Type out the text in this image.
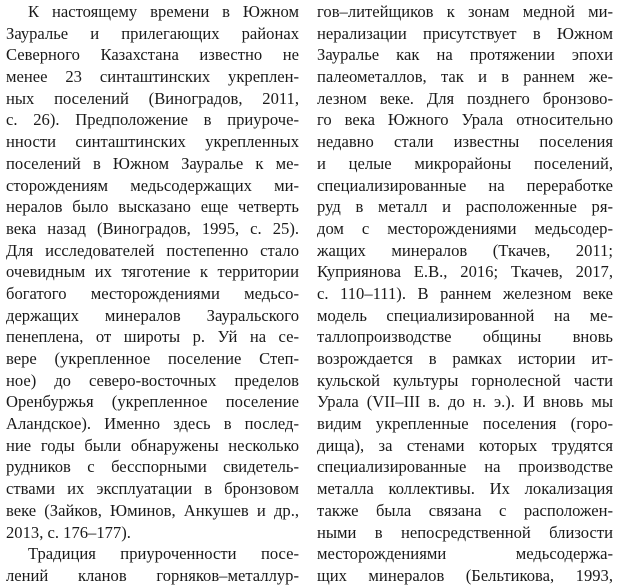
К настоящему времени в Южном
Зауралье и прилегающих районах
Северного Казахстана известно не
менее 23 синташтинских укреплен-
ных поселений (Виноградов, 2011,
с. 26). Предположение в приуроче-
нности синташтинских укрепленных
поселений в Южном Зауралье к ме-
сторождениям медьсодержащих ми-
нералов было высказано еще четверть
века назад (Виноградов, 1995, с. 25).
Для исследователей постепенно стало
очевидным их тяготение к территории
богатого месторождениями медьсо-
держащих минералов Зауральского
пенеплена, от широты р. Уй на се-
вере (укрепленное поселение Степ-
ное) до северо-восточных пределов
Оренбуржья (укрепленное поселение
Аландское). Именно здесь в послед-
ние годы были обнаружены несколько
рудников с бесспорными свидетель-
ствами их эксплуатации в бронзовом
веке (Зайков, Юминов, Анкушев и др.,
2013, с. 176–177).
Традиция приуроченности посе-
лений кланов горняков–металлур-
гов–литейщиков к зонам медной ми-
нерализации присутствует в Южном
Зауралье как на протяжении эпохи
палеометаллов, так и в раннем же-
лезном веке. Для позднего бронзово-
го века Южного Урала относительно
недавно стали известны поселения
и целые микрорайоны поселений,
специализированные на переработке
руд в металл и расположенные ря-
дом с месторождениями медьсодер-
жащих минералов (Ткачев, 2011;
Куприянова Е.В., 2016; Ткачев, 2017,
с. 110–111). В раннем железном веке
модель специализированной на ме-
таллопроизводстве общины вновь
возрождается в рамках истории ит-
кульской культуры горнолесной части
Урала (VII–III в. до н. э.). И вновь мы
видим укрепленные поселения (горо-
дища), за стенами которых трудятся
специализированные на производстве
металла коллективы. Их локализация
также была связана с расположен-
ными в непосредственной близости
месторождениями медьсодержа-
щих минералов (Бельтикова, 1993,
